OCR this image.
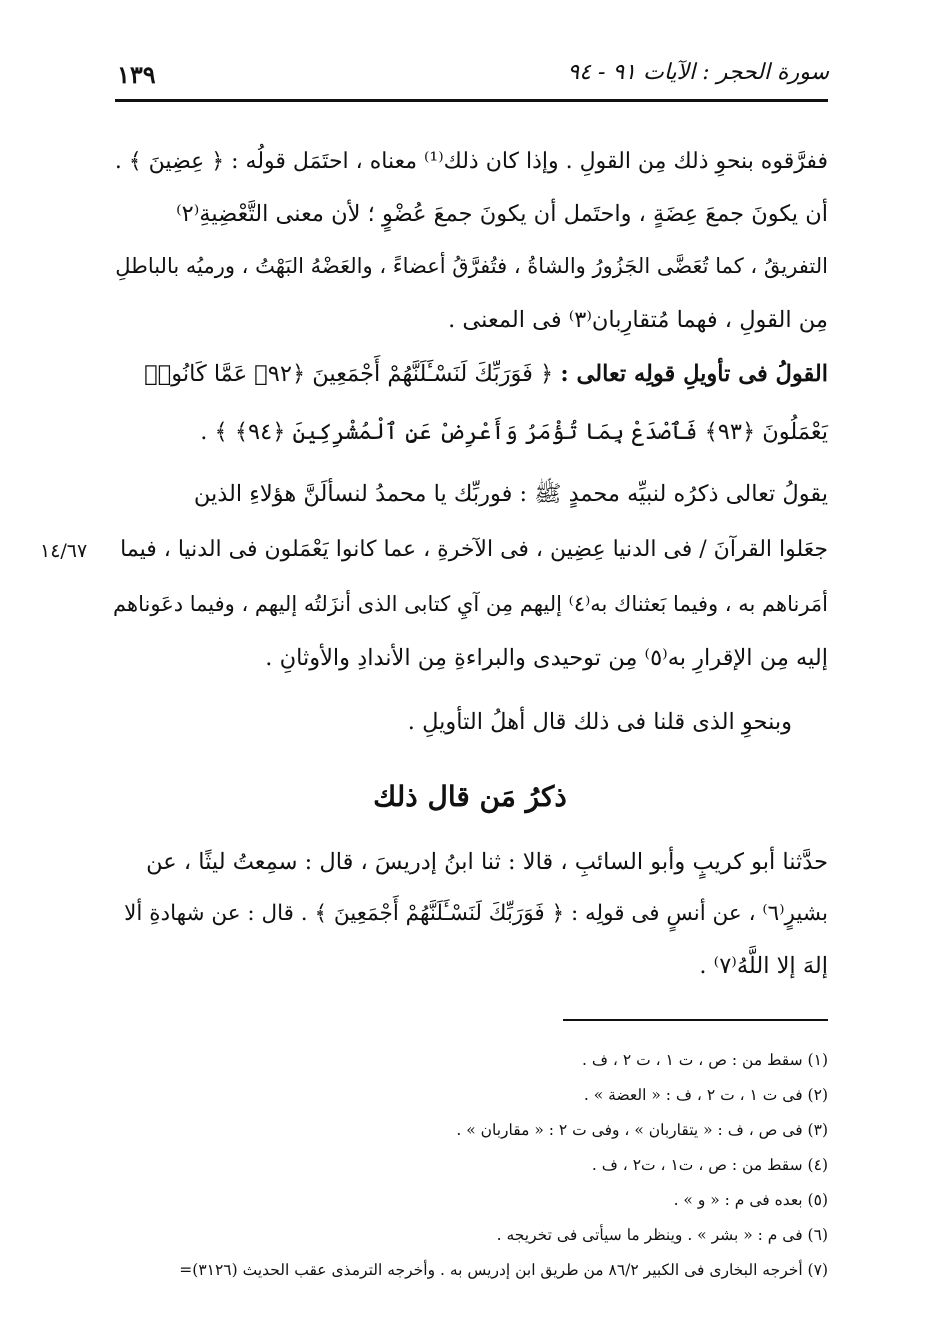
١٣٩	سورة الحجر : الآيات ٩١ - ٩٤
ففرَّقوه بنحوِ ذلك مِن القولِ . وإذا كان ذلك⁽¹⁾ معناه ، احتَمَل قولُه : ﴿ عِضِينَ ﴾ .
أن يكونَ جمعَ عِضَةٍ ، واحتَمل أن يكونَ جمعَ عُضْوٍ ؛ لأن معنى التَّعْضِيةِ⁽٢⁾
التفريقُ ، كما تُعَضَّى الجَزُورُ والشاةُ ، فتُفرَّقُ أعضاءً ، والعَضْهُ البَهْتُ ، ورميُه بالباطلِ
مِن القولِ ، فهما مُتقارِبان⁽٣⁾ فى المعنى .
القولُ فى تأويلِ قولِه تعالى : ﴿ فَوَرَبِّكَ لَنَسْـَٔلَنَّهُمْ أَجْمَعِينَ ﴿٩٢﴾ عَمَّا كَانُوا۟
يَعْمَلُونَ ﴿٩٣﴾ فَٱصْدَعْ بِمَا تُؤْمَرُ وَأَعْرِضْ عَنِ ٱلْمُشْرِكِينَ ﴿٩٤﴾ ﴾ .
يقولُ تعالى ذكرُه لنبيِّه محمدٍ ﷺ : فوربِّك يا محمدُ لنسألَنَّ هؤلاءِ الذين
جعَلوا القرآنَ / فى الدنيا عِضِين ، فى الآخرةِ ، عما كانوا يَعْمَلون فى الدنيا ، فيما
أمَرناهم به ، وفيما بَعثناك به⁽٤⁾ إليهم مِن آيِ كتابى الذى أنزَلتُه إليهم ، وفيما دعَوناهم
إليه مِن الإقرارِ به⁽٥⁾ مِن توحيدى والبراءةِ مِن الأندادِ والأوثانِ .
١٤/٦٧
وبنحوِ الذى قلنا فى ذلك قال أهلُ التأويلِ .
ذكرُ مَن قال ذلك
حدَّثنا أبو كريبٍ وأبو السائبِ ، قالا : ثنا ابنُ إدريسَ ، قال : سمِعتُ ليثًا ، عن
بشيرٍ⁽٦⁾ ، عن أنسٍ فى قولِه : ﴿ فَوَرَبِّكَ لَنَسْـَٔلَنَّهُمْ أَجْمَعِينَ ﴾ . قال : عن شهادةِ ألا
إلهَ إلا اللَّهُ⁽٧⁾ .
(١) سقط من : ص ، ت ١ ، ت ٢ ، ف .
(٢) فى ت ١ ، ت ٢ ، ف : « العضة » .
(٣) فى ص ، ف : « يتقاربان » ، وفى ت ٢ : « مقاربان » .
(٤) سقط من : ص ، ت١ ، ت٢ ، ف .
(٥) بعده فى م : « و » .
(٦) فى م : « بشر » . وينظر ما سيأتى فى تخريجه .
(٧) أخرجه البخارى فى الكبير ٨٦/٢ من طريق ابن إدريس به . وأخرجه الترمذى عقب الحديث (٣١٢٦)=
